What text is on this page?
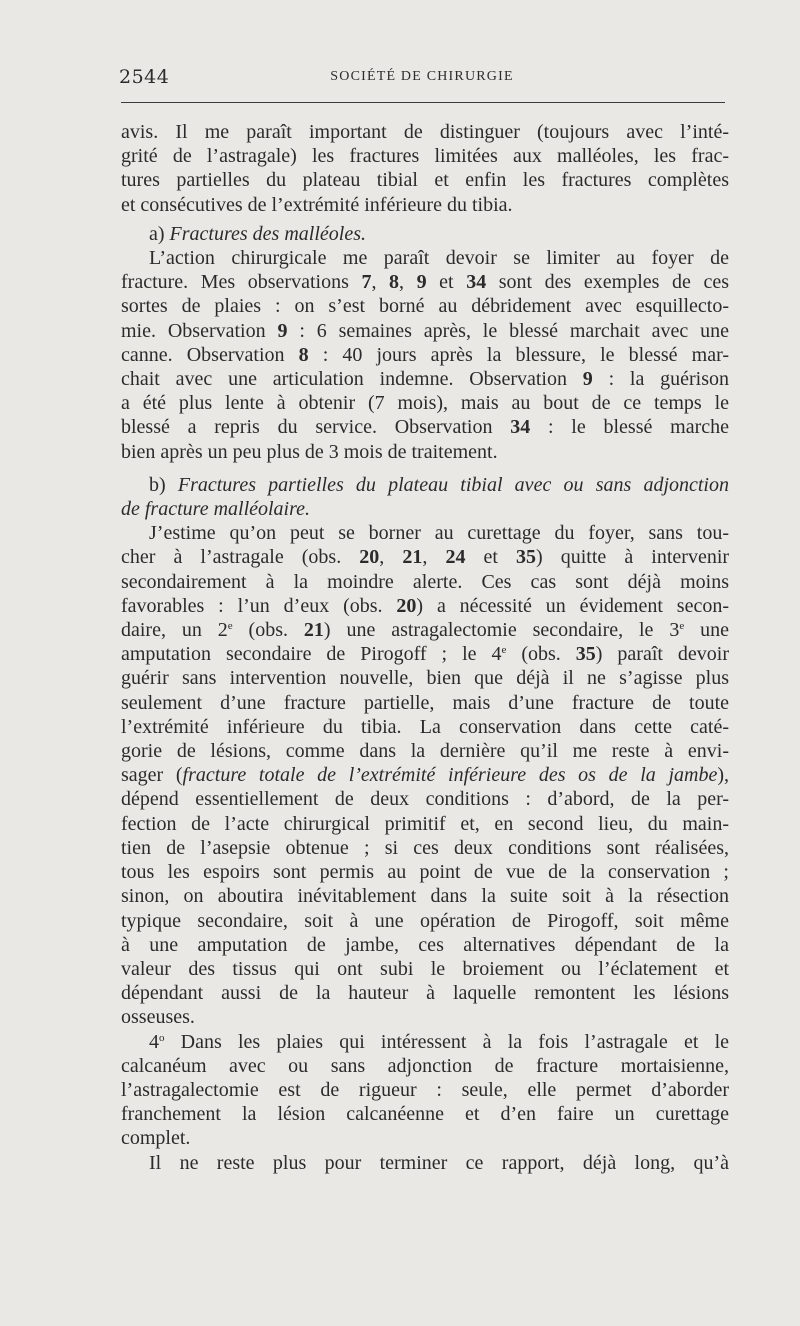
2544	SOCIÉTÉ DE CHIRURGIE

avis. Il me paraît important de distinguer (toujours avec l’inté-
grité de l’astragale) les fractures limitées aux malléoles, les frac-
tures partielles du plateau tibial et enfin les fractures complètes
et consécutives de l’extrémité inférieure du tibia.

a) Fractures des malléoles.

L’action chirurgicale me paraît devoir se limiter au foyer de
fracture. Mes observations 7, 8, 9 et 34 sont des exemples de ces
sortes de plaies : on s’est borné au débridement avec esquillecto-
mie. Observation 9 : 6 semaines après, le blessé marchait avec une
canne. Observation 8 : 40 jours après la blessure, le blessé mar-
chait avec une articulation indemne. Observation 9 : la guérison
a été plus lente à obtenir (7 mois), mais au bout de ce temps le
blessé a repris du service. Observation 34 : le blessé marche
bien après un peu plus de 3 mois de traitement.

b) Fractures partielles du plateau tibial avec ou sans adjonction
de fracture malléolaire.

J’estime qu’on peut se borner au curettage du foyer, sans tou-
cher à l’astragale (obs. 20, 21, 24 et 35) quitte à intervenir
secondairement à la moindre alerte. Ces cas sont déjà moins
favorables : l’un d’eux (obs. 20) a nécessité un évidement secon-
daire, un 2e (obs. 21) une astragalectomie secondaire, le 3e une
amputation secondaire de Pirogoff ; le 4e (obs. 35) paraît devoir
guérir sans intervention nouvelle, bien que déjà il ne s’agisse plus
seulement d’une fracture partielle, mais d’une fracture de toute
l’extrémité inférieure du tibia. La conservation dans cette caté-
gorie de lésions, comme dans la dernière qu’il me reste à envi-
sager (fracture totale de l’extrémité inférieure des os de la jambe),
dépend essentiellement de deux conditions : d’abord, de la per-
fection de l’acte chirurgical primitif et, en second lieu, du main-
tien de l’asepsie obtenue ; si ces deux conditions sont réalisées,
tous les espoirs sont permis au point de vue de la conservation ;
sinon, on aboutira inévitablement dans la suite soit à la résection
typique secondaire, soit à une opération de Pirogoff, soit même
à une amputation de jambe, ces alternatives dépendant de la
valeur des tissus qui ont subi le broiement ou l’éclatement et
dépendant aussi de la hauteur à laquelle remontent les lésions
osseuses.

4$^o$ Dans les plaies qui intéressent à la fois l’astragale et le
calcanéum avec ou sans adjonction de fracture mortaisienne,
l’astragalectomie est de rigueur : seule, elle permet d’aborder
franchement la lésion calcanéenne et d’en faire un curettage
complet.

Il ne reste plus pour terminer ce rapport, déjà long, qu’à
